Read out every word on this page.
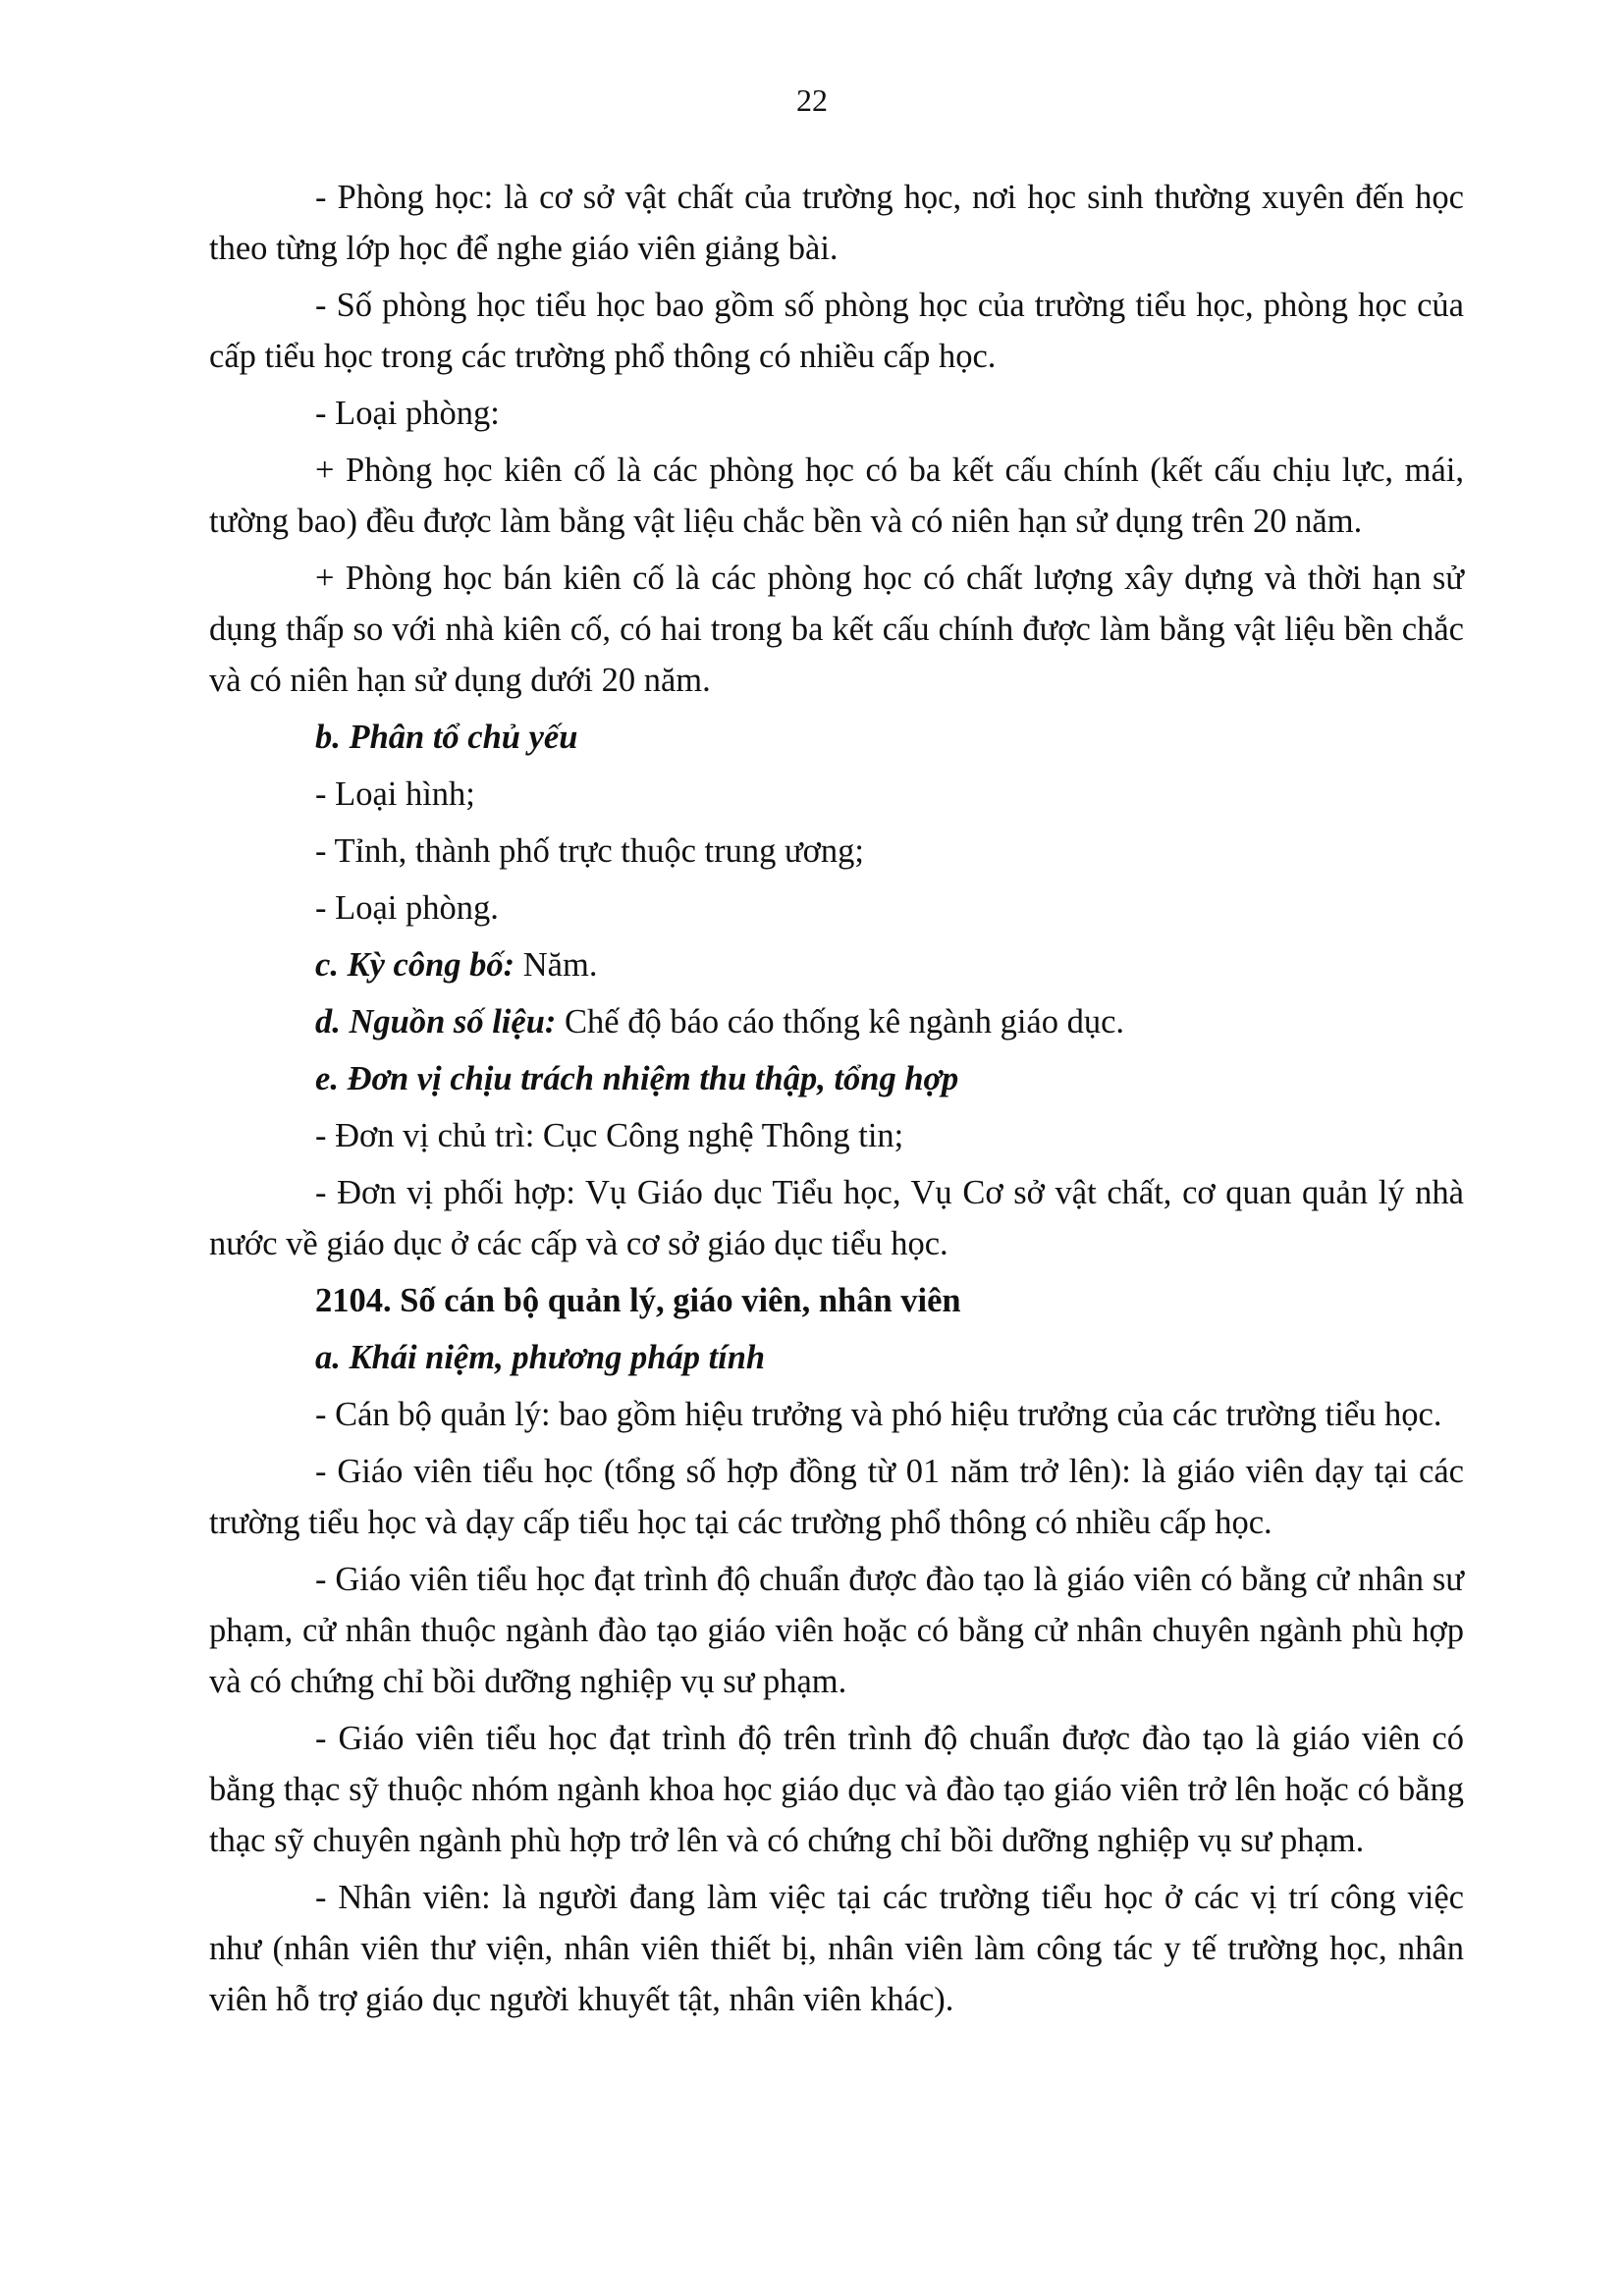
22

- Phòng học: là cơ sở vật chất của trường học, nơi học sinh thường xuyên đến học theo từng lớp học để nghe giáo viên giảng bài.

- Số phòng học tiểu học bao gồm số phòng học của trường tiểu học, phòng học của cấp tiểu học trong các trường phổ thông có nhiều cấp học.

- Loại phòng:

+ Phòng học kiên cố là các phòng học có ba kết cấu chính (kết cấu chịu lực, mái, tường bao) đều được làm bằng vật liệu chắc bền và có niên hạn sử dụng trên 20 năm.

+ Phòng học bán kiên cố là các phòng học có chất lượng xây dựng và thời hạn sử dụng thấp so với nhà kiên cố, có hai trong ba kết cấu chính được làm bằng vật liệu bền chắc và có niên hạn sử dụng dưới 20 năm.

b. Phân tổ chủ yếu

- Loại hình;

- Tỉnh, thành phố trực thuộc trung ương;

- Loại phòng.

c. Kỳ công bố: Năm.

d. Nguồn số liệu: Chế độ báo cáo thống kê ngành giáo dục.

e. Đơn vị chịu trách nhiệm thu thập, tổng hợp

- Đơn vị chủ trì: Cục Công nghệ Thông tin;

- Đơn vị phối hợp: Vụ Giáo dục Tiểu học, Vụ Cơ sở vật chất, cơ quan quản lý nhà nước về giáo dục ở các cấp và cơ sở giáo dục tiểu học.

2104. Số cán bộ quản lý, giáo viên, nhân viên

a. Khái niệm, phương pháp tính

- Cán bộ quản lý: bao gồm hiệu trưởng và phó hiệu trưởng của các trường tiểu học.

- Giáo viên tiểu học (tổng số hợp đồng từ 01 năm trở lên): là giáo viên dạy tại các trường tiểu học và dạy cấp tiểu học tại các trường phổ thông có nhiều cấp học.

- Giáo viên tiểu học đạt trình độ chuẩn được đào tạo là giáo viên có bằng cử nhân sư phạm, cử nhân thuộc ngành đào tạo giáo viên hoặc có bằng cử nhân chuyên ngành phù hợp và có chứng chỉ bồi dưỡng nghiệp vụ sư phạm.

- Giáo viên tiểu học đạt trình độ trên trình độ chuẩn được đào tạo là giáo viên có bằng thạc sỹ thuộc nhóm ngành khoa học giáo dục và đào tạo giáo viên trở lên hoặc có bằng thạc sỹ chuyên ngành phù hợp trở lên và có chứng chỉ bồi dưỡng nghiệp vụ sư phạm.

- Nhân viên: là người đang làm việc tại các trường tiểu học ở các vị trí công việc như (nhân viên thư viện, nhân viên thiết bị, nhân viên làm công tác y tế trường học, nhân viên hỗ trợ giáo dục người khuyết tật, nhân viên khác).
